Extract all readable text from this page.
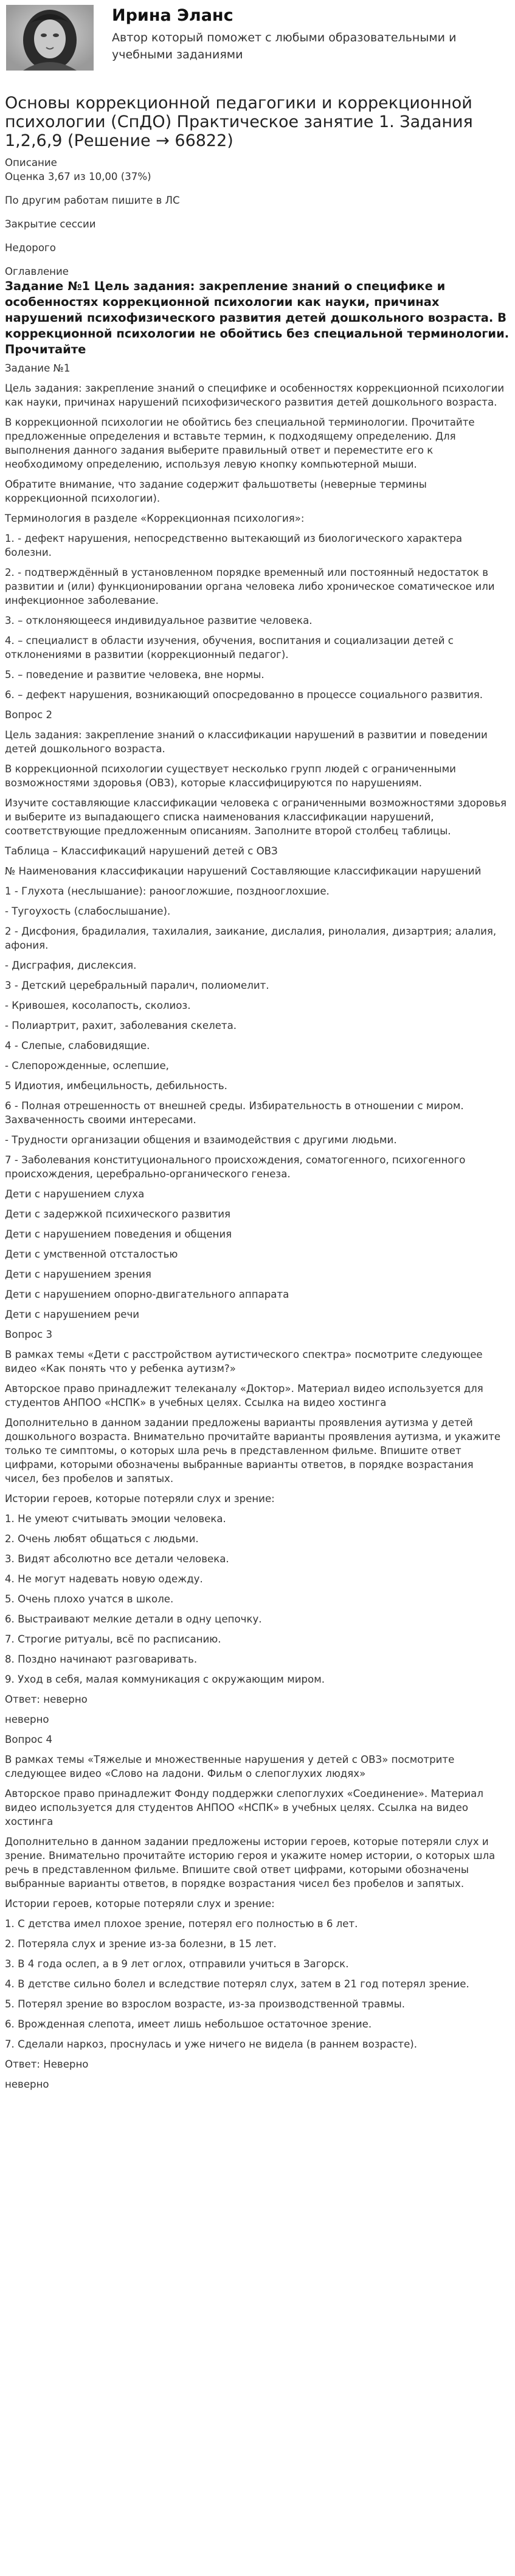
Ирина Эланс
Автор который поможет с любыми образовательными и
учебными заданиями
Основы коррекционной педагогики и коррекционной психологии (СпДО) Практическое занятие 1. Задания 1,2,6,9 (Решение → 66822)

Описание

Оценка 3,67 из 10,00 (37%)

По другим работам пишите в ЛС

Закрытие сессии

Недорого

Оглавление

Задание №1 Цель задания: закрепление знаний о специфике и особенностях коррекционной психологии как науки, причинах нарушений психофизического развития детей дошкольного возраста. В коррекционной психологии не обойтись без специальной терминологии. Прочитайте

Задание №1

Цель задания: закрепление знаний о специфике и особенностях коррекционной психологии как науки, причинах нарушений психофизического развития детей дошкольного возраста.

В коррекционной психологии не обойтись без специальной терминологии. Прочитайте предложенные определения и вставьте термин, к подходящему определению. Для выполнения данного задания выберите правильный ответ и переместите его к необходимому определению, используя левую кнопку компьютерной мыши.

Обратите внимание, что задание содержит фальшответы (неверные термины коррекционной психологии).

Терминология в разделе «Коррекционная психология»:

1. - дефект нарушения, непосредственно вытекающий из биологического характера болезни.

2. - подтверждённый в установленном порядке временный или постоянный недостаток в развитии и (или) функционировании органа человека либо хроническое соматическое или инфекционное заболевание.

3. – отклоняющееся индивидуальное развитие человека.

4. – специалист в области изучения, обучения, воспитания и социализации детей с отклонениями в развитии (коррекционный педагог).

5. – поведение и развитие человека, вне нормы.

6. – дефект нарушения, возникающий опосредованно в процессе социального развития.

Вопрос 2

Цель задания: закрепление знаний о классификации нарушений в развитии и поведении детей дошкольного возраста.

В коррекционной психологии существует несколько групп людей с ограниченными возможностями здоровья (ОВЗ), которые классифицируются по нарушениям.

Изучите составляющие классификации человека с ограниченными возможностями здоровья и выберите из выпадающего списка наименования классификации нарушений, соответствующие предложенным описаниям. Заполните второй столбец таблицы.

Таблица – Классификаций нарушений детей с ОВЗ

№ Наименования классификации нарушений Составляющие классификации нарушений

1 - Глухота (неслышание): раноогложшие, позднооглохшие.

- Тугоухость (слабослышание).

2 - Дисфония, брадилалия, тахилалия, заикание, дислалия, ринолалия, дизартрия; алалия, афония.

- Дисграфия, дислексия.

3 - Детский церебральный паралич, полиомелит.

- Кривошея, косолапость, сколиоз.

- Полиартрит, рахит, заболевания скелета.

4 - Слепые, слабовидящие.

- Слепорожденные, ослепшие,

5 Идиотия, имбецильность, дебильность.

6 - Полная отрешенность от внешней среды. Избирательность в отношении с миром. Захваченность своими интересами.

- Трудности организации общения и взаимодействия с другими людьми.

7 - Заболевания конституционального происхождения, соматогенного, психогенного происхождения, церебрально-органического генеза.

Дети с нарушением слуха

Дети с задержкой психического развития

Дети с нарушением поведения и общения

Дети с умственной отсталостью

Дети с нарушением зрения

Дети с нарушением опорно-двигательного аппарата

Дети с нарушением речи

Вопрос 3

В рамках темы «Дети с расстройством аутистического спектра» посмотрите следующее видео «Как понять что у ребенка аутизм?»

Авторское право принадлежит телеканалу «Доктор». Материал видео используется для студентов АНПОО «НСПК» в учебных целях. Ссылка на видео хостинга

Дополнительно в данном задании предложены варианты проявления аутизма у детей дошкольного возраста. Внимательно прочитайте варианты проявления аутизма, и укажите только те симптомы, о которых шла речь в представленном фильме. Впишите ответ цифрами, которыми обозначены выбранные варианты ответов, в порядке возрастания чисел, без пробелов и запятых.

Истории героев, которые потеряли слух и зрение:

1. Не умеют считывать эмоции человека.

2. Очень любят общаться с людьми.

3. Видят абсолютно все детали человека.

4. Не могут надевать новую одежду.

5. Очень плохо учатся в школе.

6. Выстраивают мелкие детали в одну цепочку.

7. Строгие ритуалы, всё по расписанию.

8. Поздно начинают разговаривать.

9. Уход в себя, малая коммуникация с окружающим миром.

Ответ: неверно

неверно

Вопрос 4

В рамках темы «Тяжелые и множественные нарушения у детей с ОВЗ» посмотрите следующее видео «Слово на ладони. Фильм о слепоглухих людях»

Авторское право принадлежит Фонду поддержки слепоглухих «Соединение». Материал видео используется для студентов АНПОО «НСПК» в учебных целях. Ссылка на видео хостинга

Дополнительно в данном задании предложены истории героев, которые потеряли слух и зрение. Внимательно прочитайте историю героя и укажите номер истории, о которых шла речь в представленном фильме. Впишите свой ответ цифрами, которыми обозначены выбранные варианты ответов, в порядке возрастания чисел без пробелов и запятых.

Истории героев, которые потеряли слух и зрение:

1. С детства имел плохое зрение, потерял его полностью в 6 лет.

2. Потеряла слух и зрение из-за болезни, в 15 лет.

3. В 4 года ослеп, а в 9 лет оглох, отправили учиться в Загорск.

4. В детстве сильно болел и вследствие потерял слух, затем в 21 год потерял зрение.

5. Потерял зрение во взрослом возрасте, из-за производственной травмы.

6. Врожденная слепота, имеет лишь небольшое остаточное зрение.

7. Сделали наркоз, проснулась и уже ничего не видела (в раннем возрасте).

Ответ: Неверно

неверно
